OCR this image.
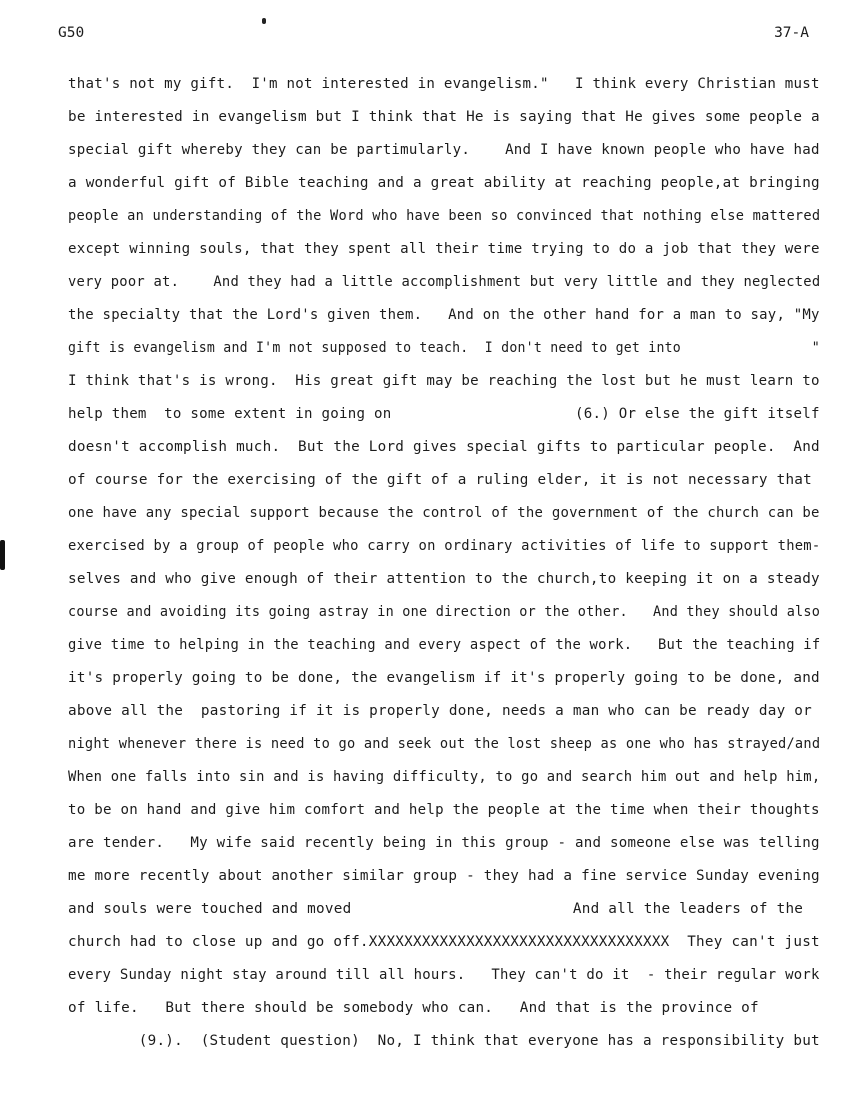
G50	37-A
that's not my gift.  I'm not interested in evangelism."   I think every Christian must
be interested in evangelism but I think that He is saying that He gives some people a
special gift whereby they can be partimularly.    And I have known people who have had
a wonderful gift of Bible teaching and a great ability at reaching people,at bringing
people an understanding of the Word who have been so convinced that nothing else mattered
except winning souls, that they spent all their time trying to do a job that they were
very poor at.    And they had a little accomplishment but very little and they neglected
the specialty that the Lord's given them.   And on the other hand for a man to say, "My
gift is evangelism and I'm not supposed to teach.  I don't need to get into                "
I think that's is wrong.  His great gift may be reaching the lost but he must learn to
help them  to some extent in going on                     (6.) Or else the gift itself
doesn't accomplish much.  But the Lord gives special gifts to particular people.  And
of course for the exercising of the gift of a ruling elder, it is not necessary that
one have any special support because the control of the government of the church can be
exercised by a group of people who carry on ordinary activities of life to support them-
selves and who give enough of their attention to the church,to keeping it on a steady
course and avoiding its going astray in one direction or the other.   And they should also
give time to helping in the teaching and every aspect of the work.   But the teaching if
it's properly going to be done, the evangelism if it's properly going to be done, and
above all the  pastoring if it is properly done, needs a man who can be ready day or
night whenever there is need to go and seek out the lost sheep as one who has strayed/and
When one falls into sin and is having difficulty, to go and search him out and help him,
to be on hand and give him comfort and help the people at the time when their thoughts
are tender.   My wife said recently being in this group - and someone else was telling
me more recently about another similar group - they had a fine service Sunday evening
and souls were touched and moved                         And all the leaders of the
church had to close up and go off.XXXXXXXXXXXXXXXXXXXXXXXXXXXXXXXXXX  They can't just
every Sunday night stay around till all hours.   They can't do it  - their regular work
of life.   But there should be somebody who can.   And that is the province of
(9.).  (Student question)  No, I think that everyone has a responsibility but
